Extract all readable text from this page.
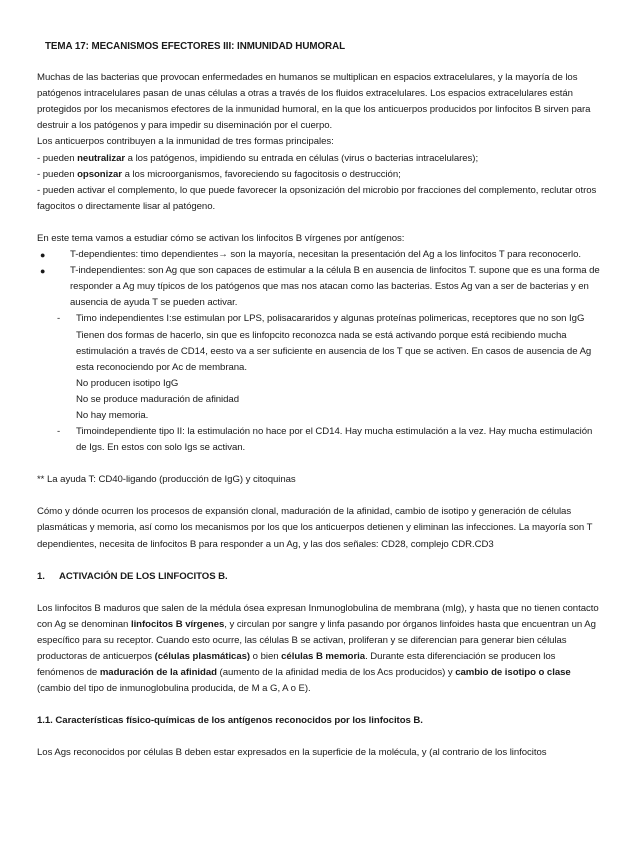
TEMA 17: MECANISMOS EFECTORES III: INMUNIDAD HUMORAL

Muchas de las bacterias que provocan enfermedades en humanos se multiplican en espacios extracelulares, y la mayoría de los patógenos intracelulares pasan de unas células a otras a través de los fluidos extracelulares. Los espacios extracelulares están protegidos por los mecanismos efectores de la inmunidad humoral, en la que los anticuerpos producidos por linfocitos B sirven para destruir a los patógenos y para impedir su diseminación por el cuerpo.

Los anticuerpos contribuyen a la inmunidad de tres formas principales:

- pueden neutralizar a los patógenos, impidiendo su entrada en células (virus o bacterias intracelulares);

- pueden opsonizar a los microorganismos, favoreciendo su fagocitosis o destrucción;

- pueden activar el complemento, lo que puede favorecer la opsonización del microbio por fracciones del complemento, reclutar otros fagocitos o directamente lisar al patógeno.

En este tema vamos a estudiar cómo se activan los linfocitos B vírgenes por antígenos:

●	T-dependientes: timo dependientes→ son la mayoría, necesitan la presentación del Ag a los linfocitos T para reconocerlo.
●	T-independientes: son Ag que son capaces de estimular a la célula B en ausencia de linfocitos T. supone que es una forma de responder a Ag muy típicos de los patógenos que mas nos atacan como las bacterias. Estos Ag van a ser de bacterias y en ausencia de ayuda T se pueden activar.
- Timo independientes I:se estimulan por LPS, polisacararidos y algunas proteínas polimericas, receptores que no son IgG

Tienen dos formas de hacerlo, sin que es linfopcito reconozca nada se está activando porque está recibiendo mucha estimulación a través de CD14, eesto va a ser suficiente en ausencia de los T que se activen. En casos de ausencia de Ag esta reconociendo por Ac de membrana.

No producen isotipo IgG

No se produce maduración de afinidad

No hay memoria.

- Timoindependiente tipo II: la estimulación no hace por el CD14. Hay mucha estimulación a la vez. Hay mucha estimulación de Igs. En estos con solo Igs se activan.

** La ayuda T: CD40-ligando (producción de IgG) y citoquinas

Cómo y dónde ocurren los procesos de expansión clonal, maduración de la afinidad, cambio de isotipo y generación de células plasmáticas y memoria, así como los mecanismos por los que los anticuerpos detienen y eliminan las infecciones. La mayoría son T dependientes, necesita de linfocitos B para responder a un Ag, y las dos señales: CD28, complejo CDR.CD3

1. ACTIVACIÓN DE LOS LINFOCITOS B.

Los linfocitos B maduros que salen de la médula ósea expresan Inmunoglobulina de membrana (mIg), y hasta que no tienen contacto con Ag se denominan linfocitos B vírgenes, y circulan por sangre y linfa pasando por órganos linfoides hasta que encuentran un Ag específico para su receptor. Cuando esto ocurre, las células B se activan, proliferan y se diferencian para generar bien células productoras de anticuerpos (células plasmáticas) o bien células B memoria. Durante esta diferenciación se producen los fenómenos de maduración de la afinidad (aumento de la afinidad media de los Acs producidos) y cambio de isotipo o clase (cambio del tipo de inmunoglobulina producida, de M a G, A o E).

1.1. Características físico-químicas de los antígenos reconocidos por los linfocitos B.

Los Ags reconocidos por células B deben estar expresados en la superficie de la molécula, y (al contrario de los linfocitos
